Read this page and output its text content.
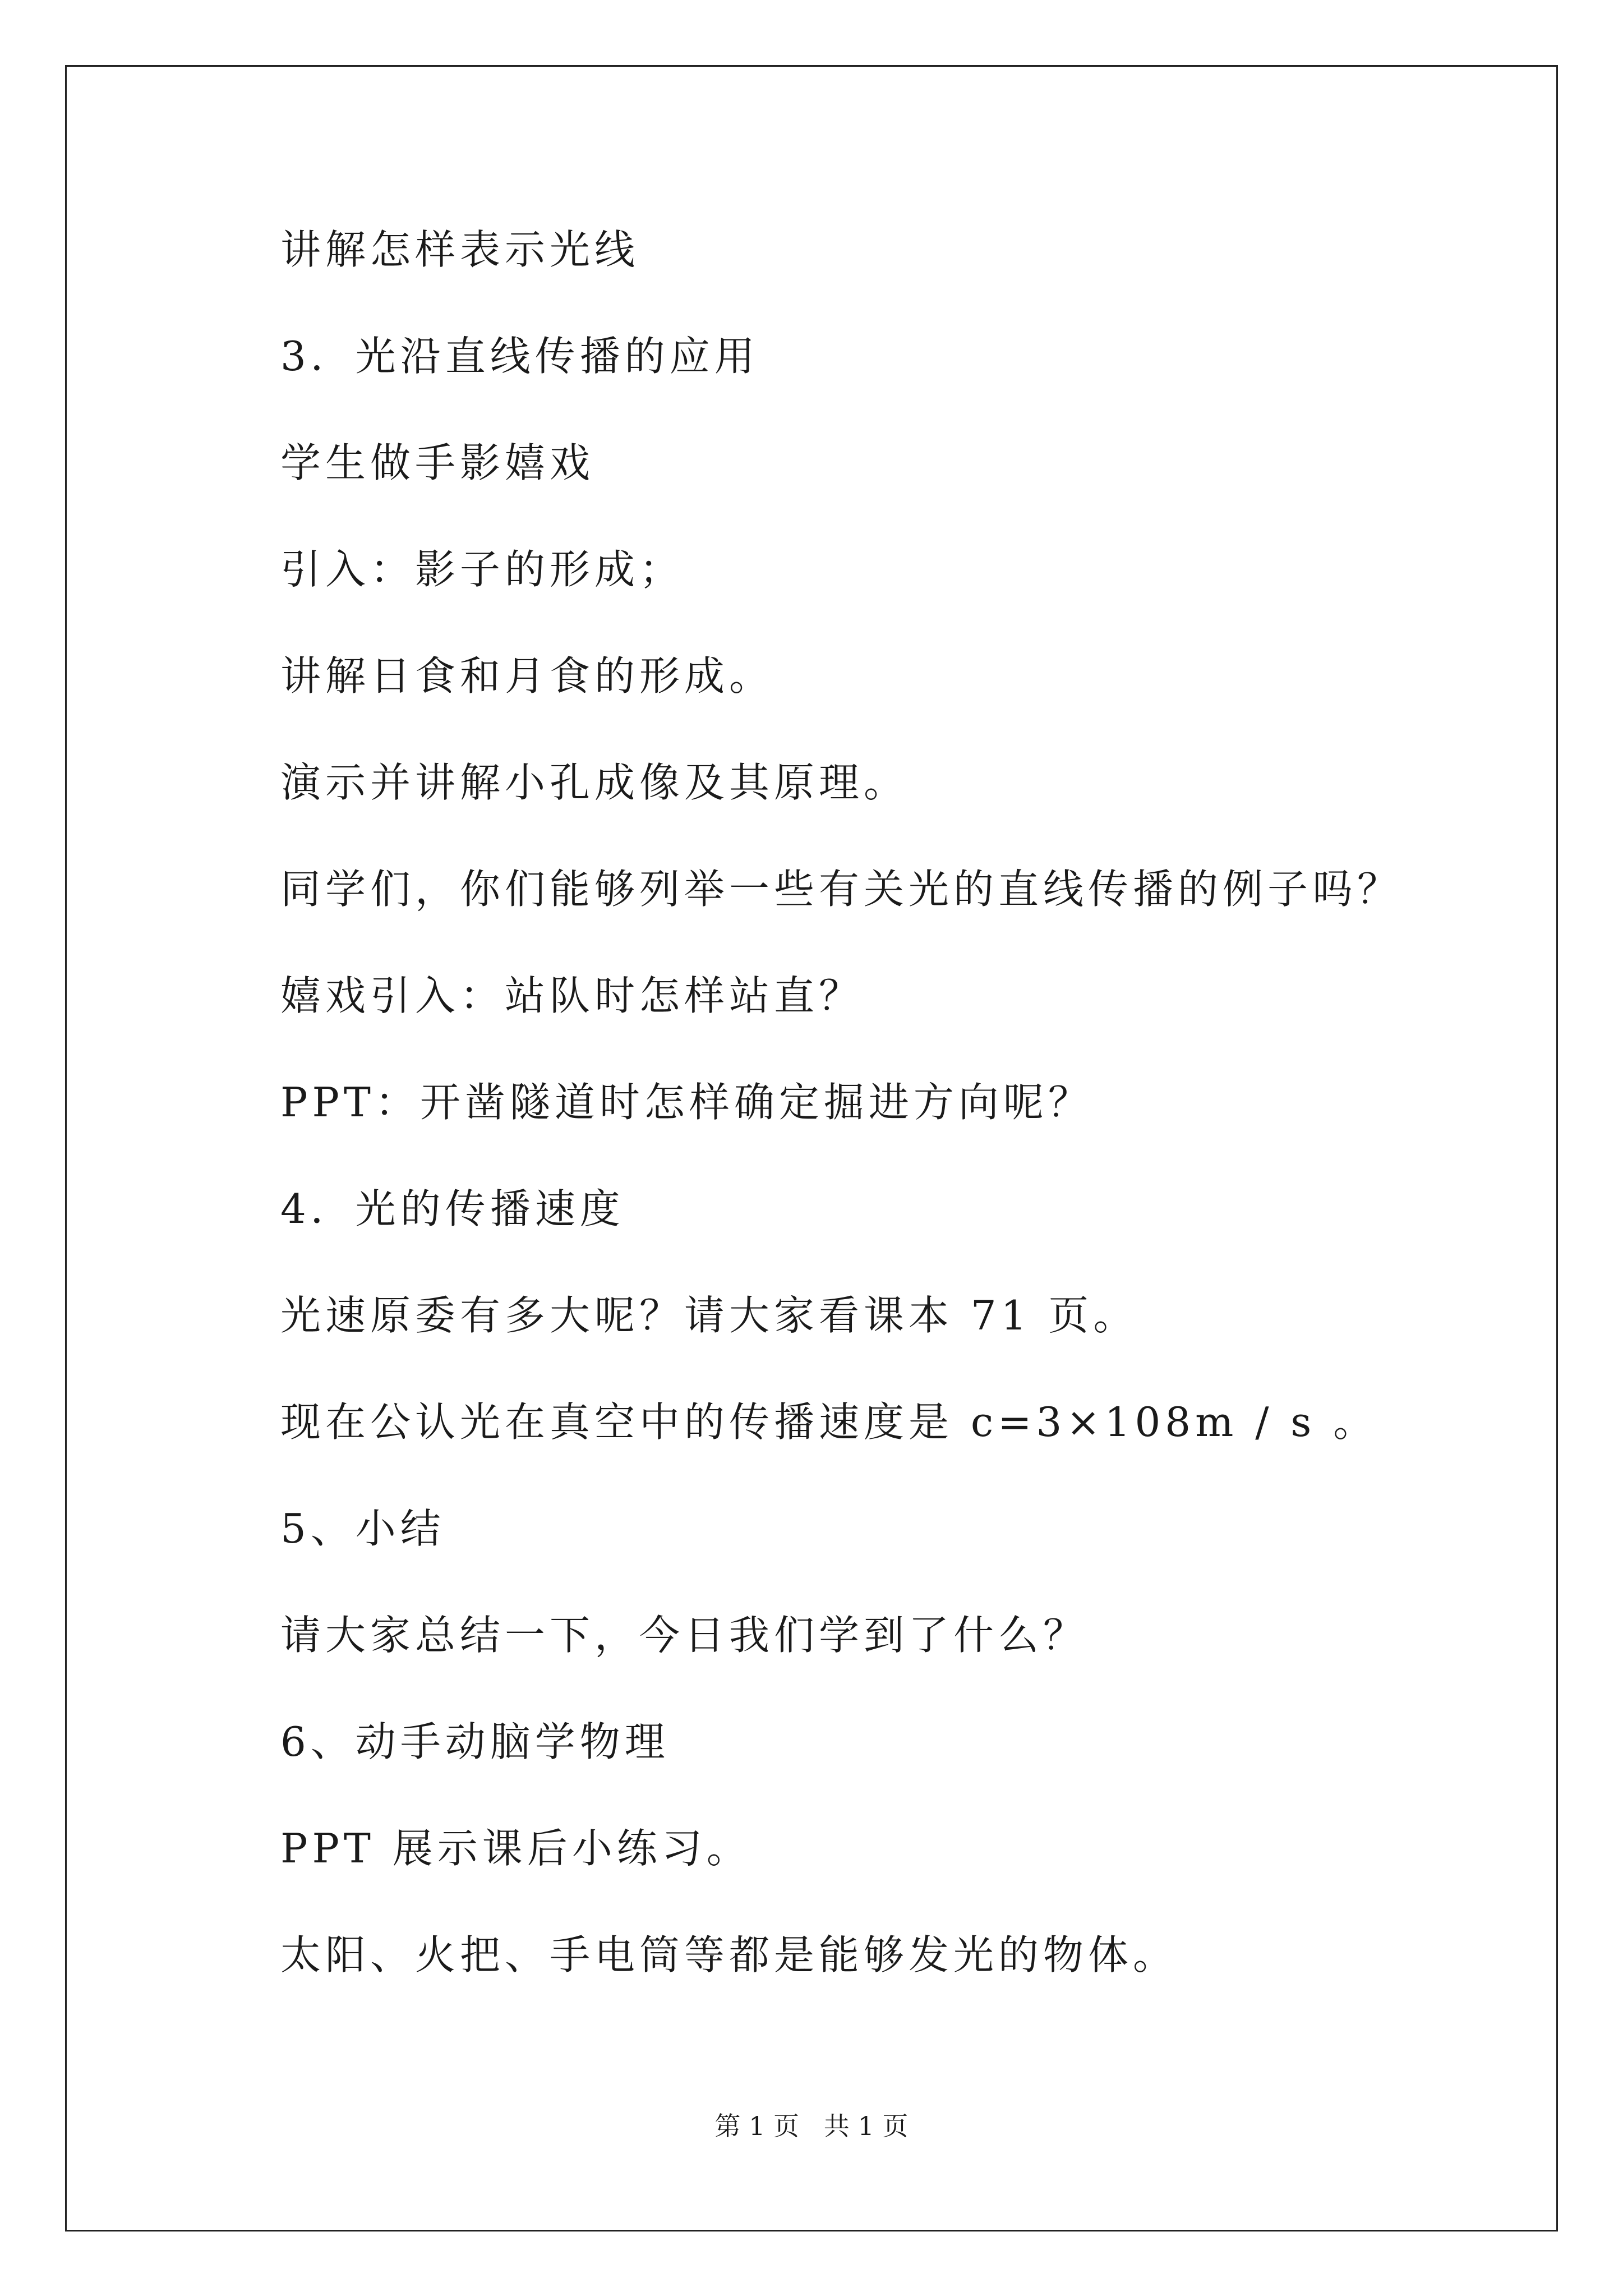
讲解怎样表示光线
3．光沿直线传播的应用
学生做手影嬉戏
引入：影子的形成；
讲解日食和月食的形成。
演示并讲解小孔成像及其原理。
同学们，你们能够列举一些有关光的直线传播的例子吗？
嬉戏引入：站队时怎样站直？
PPT：开凿隧道时怎样确定掘进方向呢？
4．光的传播速度
光速原委有多大呢？请大家看课本 71 页。
现在公认光在真空中的传播速度是 c=3×108m / s 。
5、小结
请大家总结一下，今日我们学到了什么？
6、动手动脑学物理
PPT 展示课后小练习。
太阳、火把、手电筒等都是能够发光的物体。
第 1 页   共 1 页
